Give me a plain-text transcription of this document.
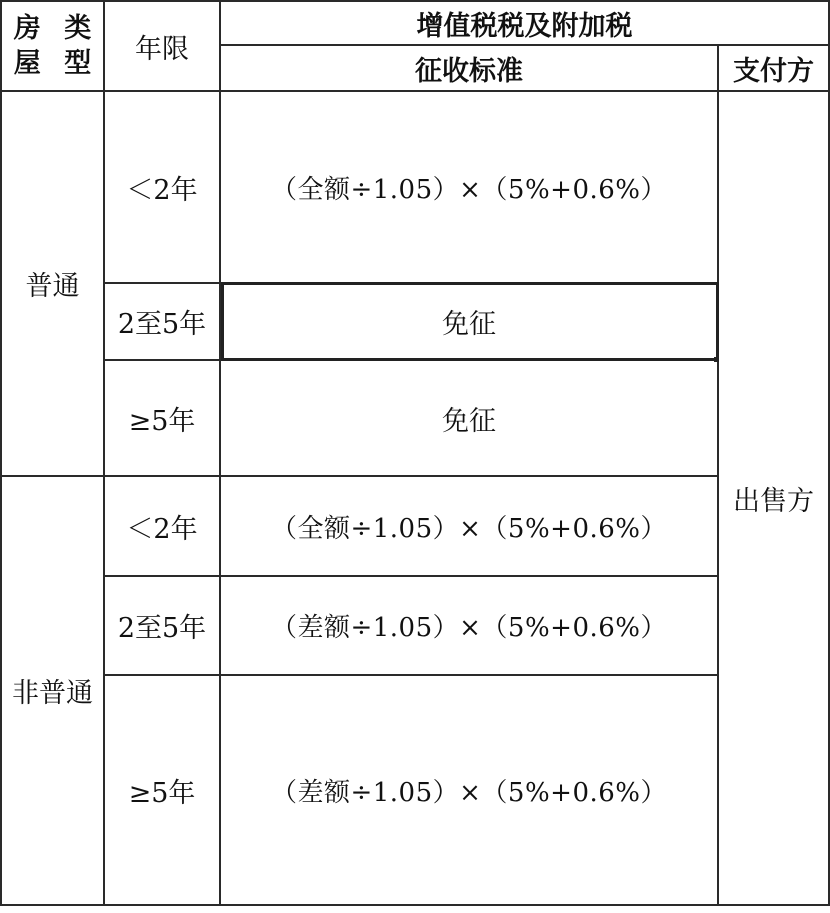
房屋
类型	年限
增值税税及附加税
征收标准	支付方
普通
非普通
＜2年
2至5年
≥5年
＜2年
2至5年
≥5年
（全额÷1.05）×（5%+0.6%）
免征
免征
（全额÷1.05）×（5%+0.6%）
（差额÷1.05）×（5%+0.6%）
（差额÷1.05）×（5%+0.6%）
出售方
